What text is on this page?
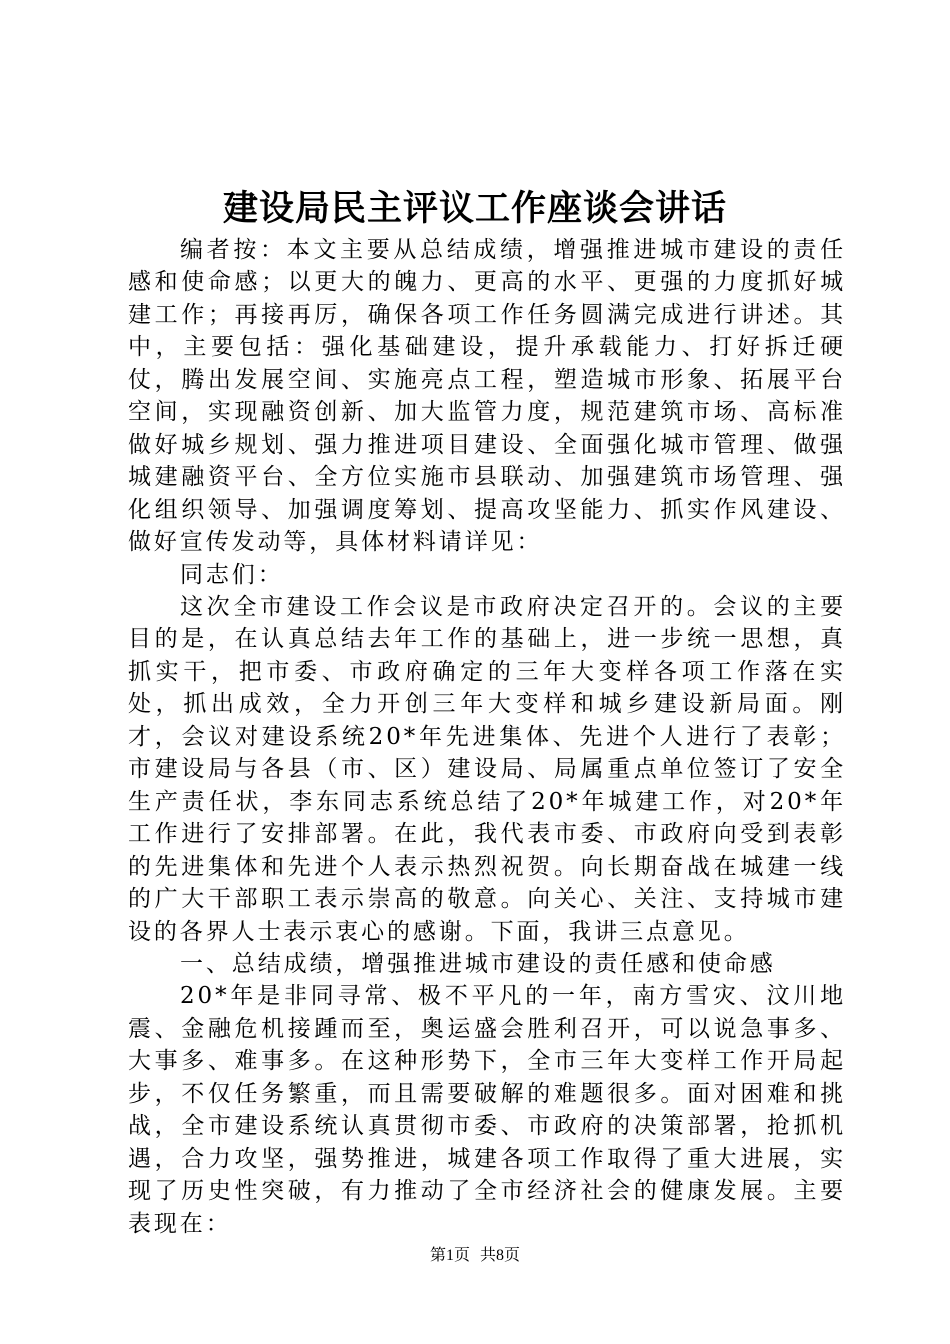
建设局民主评议工作座谈会讲话

编者按：本文主要从总结成绩，增强推进城市建设的责任感和使命感；以更大的魄力、更高的水平、更强的力度抓好城建工作；再接再厉，确保各项工作任务圆满完成进行讲述。其中，主要包括：强化基础建设，提升承载能力、打好拆迁硬仗，腾出发展空间、实施亮点工程，塑造城市形象、拓展平台空间，实现融资创新、加大监管力度，规范建筑市场、高标准做好城乡规划、强力推进项目建设、全面强化城市管理、做强城建融资平台、全方位实施市县联动、加强建筑市场管理、强化组织领导、加强调度筹划、提高攻坚能力、抓实作风建设、做好宣传发动等，具体材料请详见：

同志们：

这次全市建设工作会议是市政府决定召开的。会议的主要目的是，在认真总结去年工作的基础上，进一步统一思想，真抓实干，把市委、市政府确定的三年大变样各项工作落在实处，抓出成效，全力开创三年大变样和城乡建设新局面。刚才，会议对建设系统20*年先进集体、先进个人进行了表彰；市建设局与各县（市、区）建设局、局属重点单位签订了安全生产责任状，李东同志系统总结了20*年城建工作，对20*年工作进行了安排部署。在此，我代表市委、市政府向受到表彰的先进集体和先进个人表示热烈祝贺。向长期奋战在城建一线的广大干部职工表示崇高的敬意。向关心、关注、支持城市建设的各界人士表示衷心的感谢。下面，我讲三点意见。

一、总结成绩，增强推进城市建设的责任感和使命感

20*年是非同寻常、极不平凡的一年，南方雪灾、汶川地震、金融危机接踵而至，奥运盛会胜利召开，可以说急事多、大事多、难事多。在这种形势下，全市三年大变样工作开局起步，不仅任务繁重，而且需要破解的难题很多。面对困难和挑战，全市建设系统认真贯彻市委、市政府的决策部署，抢抓机遇，合力攻坚，强势推进，城建各项工作取得了重大进展，实现了历史性突破，有力推动了全市经济社会的健康发展。主要表现在：

第1页 共8页
